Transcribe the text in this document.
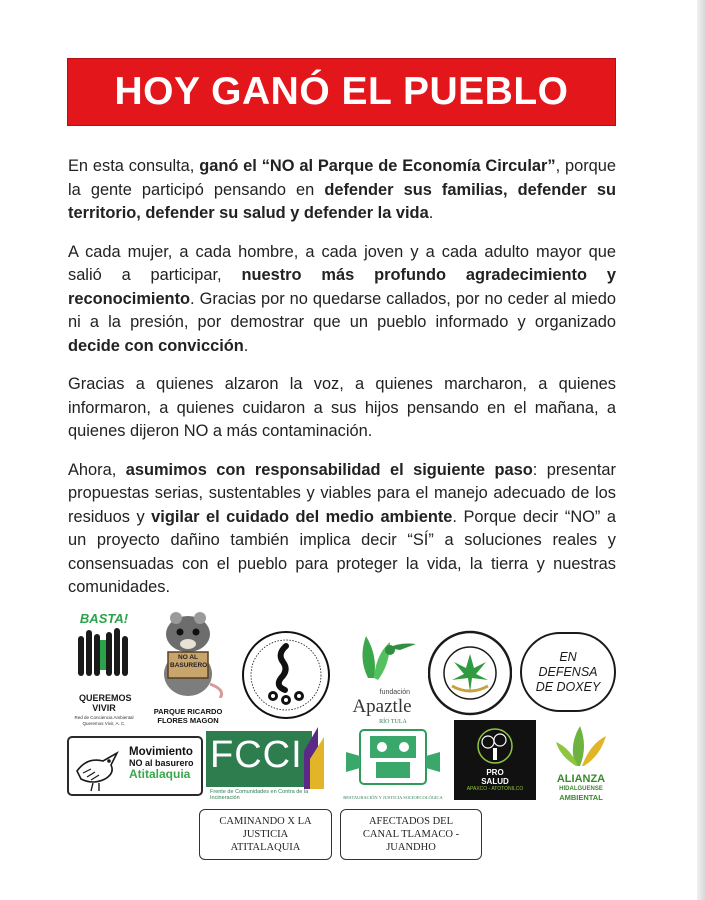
HOY GANÓ EL PUEBLO

En esta consulta, ganó el “NO al Parque de Economía Circular”, porque la gente participó pensando en defender sus familias, defender su territorio, defender su salud y defender la vida.

A cada mujer, a cada hombre, a cada joven y a cada adulto mayor que salió a participar, nuestro más profundo agradecimiento y reconocimiento. Gracias por no quedarse callados, por no ceder al miedo ni a la presión, por demostrar que un pueblo informado y organizado decide con convicción.

Gracias a quienes alzaron la voz, a quienes marcharon, a quienes informaron, a quienes cuidaron a sus hijos pensando en el mañana, a quienes dijeron NO a más contaminación.

Ahora, asumimos con responsabilidad el siguiente paso: presentar propuestas serias, sustentables y viables para el manejo adecuado de los residuos y vigilar el cuidado del medio ambiente. Porque decir “NO” a un proyecto dañino también implica decir “SÍ” a soluciones reales y consensuadas con el pueblo para proteger la vida, la tierra y nuestras comunidades.

BASTA!
QUEREMOS VIVIR
Red de Conciencia Ambiental Queremos Vivir, A. C.
NO AL BASURERO
PARQUE RICARDO FLORES MAGON
fundación
Apaztle
EN DEFENSA DE DOXEY
Movimiento
NO al basurero
Atitalaquia FCCI
Frente de Comunidades en Contra de la Incineración
RÍO TULA
RESTAURACIÓN Y JUSTICIA SOCIOECOLÓGICA
PRO
SALUD
APAXCO - ATOTONILCO
ALIANZA
HIDALGUENSE
AMBIENTAL
CAMINANDO X LA JUSTICIA ATITALAQUIA
AFECTADOS DEL CANAL TLAMACO - JUANDHO
